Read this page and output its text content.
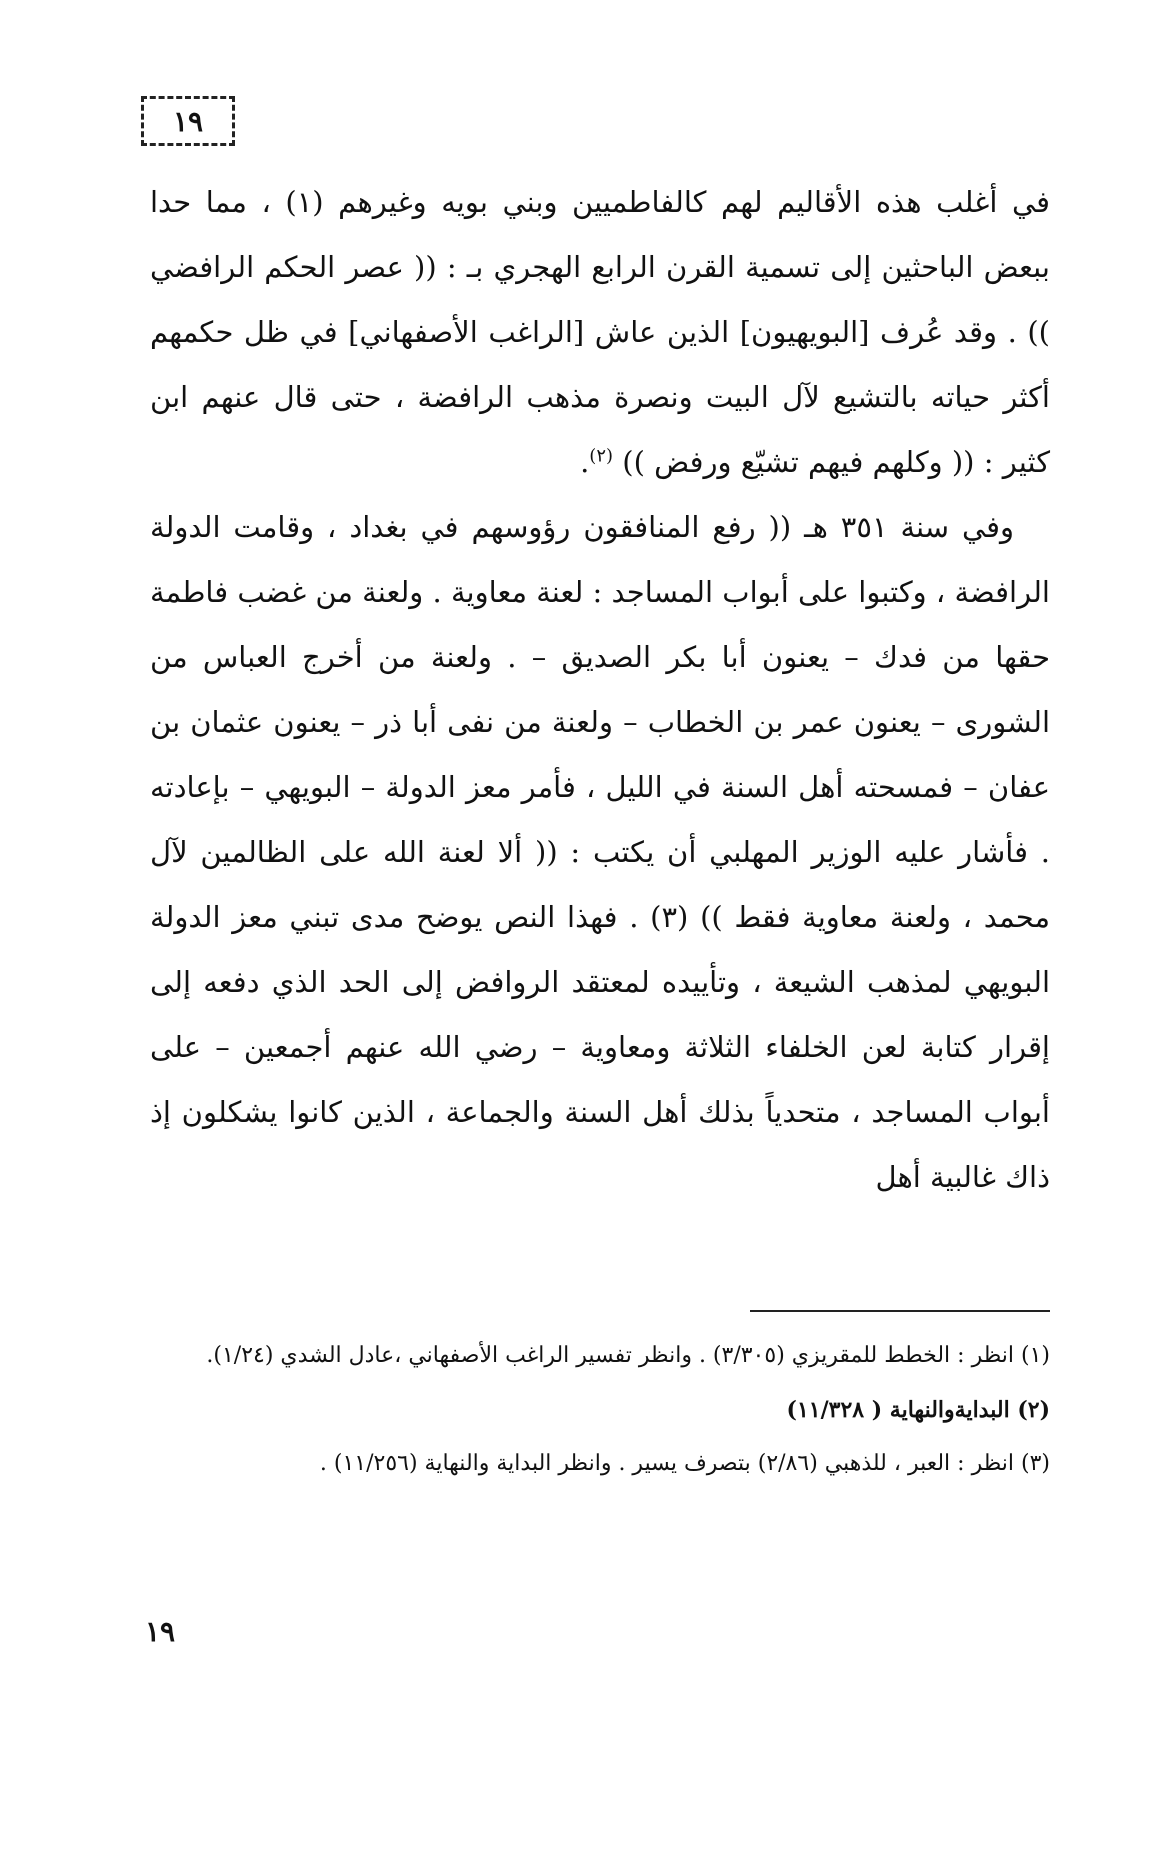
١٩

في أغلب هذه الأقاليم لهم كالفاطميين وبني بويه وغيرهم (١) ، مما حدا ببعض الباحثين إلى تسمية القرن الرابع الهجري بـ : (( عصر الحكم الرافضي )) . وقد عُرف [البويهيون] الذين عاش [الراغب الأصفهاني] في ظل حكمهم أكثر حياته بالتشيع لآل البيت ونصرة مذهب الرافضة ، حتى قال عنهم ابن كثير : (( وكلهم فيهم تشيّع ورفض )) $^{(٢)}$.

وفي سنة ٣٥١ هـ (( رفع المنافقون رؤوسهم في بغداد ، وقامت الدولة الرافضة ، وكتبوا على أبواب المساجد : لعنة معاوية . ولعنة من غضب فاطمة حقها من فدك – يعنون أبا بكر الصديق – . ولعنة من أخرج العباس من الشورى – يعنون عمر بن الخطاب – ولعنة من نفى أبا ذر – يعنون عثمان بن عفان – فمسحته أهل السنة في الليل ، فأمر معز الدولة – البويهي – بإعادته . فأشار عليه الوزير المهلبي أن يكتب : (( ألا لعنة الله على الظالمين لآل محمد ، ولعنة معاوية فقط )) (٣) . فهذا النص يوضح مدى تبني معز الدولة البويهي لمذهب الشيعة ، وتأييده لمعتقد الروافض إلى الحد الذي دفعه إلى إقرار كتابة لعن الخلفاء الثلاثة ومعاوية – رضي الله عنهم أجمعين – على أبواب المساجد ، متحدياً بذلك أهل السنة والجماعة ، الذين كانوا يشكلون إذ ذاك غالبية أهل

(١) انظر : الخطط للمقريزي (٣/٣٠٥) . وانظر تفسير الراغب الأصفهاني ،عادل الشدي (١/٢٤).

(٢) البدايةوالنهاية ( ١١/٣٢٨)

(٣) انظر : العبر ، للذهبي (٢/٨٦) بتصرف يسير . وانظر البداية والنهاية (١١/٢٥٦) .

١٩
